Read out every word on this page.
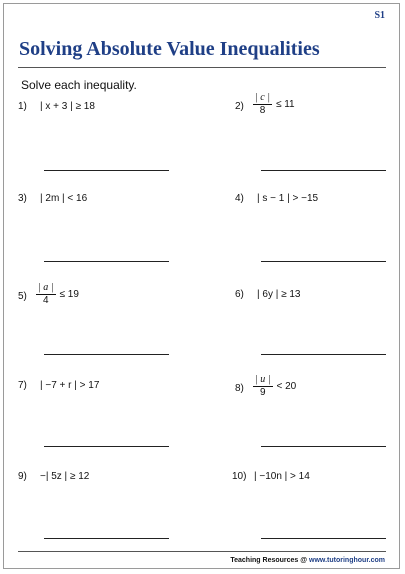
S1
Solving Absolute Value Inequalities
Solve each inequality.
1)	| x + 3 | ≥ 18	$2) \frac{| c |}{8} \le 11$
3)	| 2m | < 16	4)	| s − 1 | > −15
$5) \frac{| a |}{4} \le 19$	6)	| 6y | ≥ 13
7)	| −7 + r | > 17	$8) \frac{| u |}{9} < 20$
9)	−| 5z | ≥ 12	10) | −10n | > 14
Teaching Resources @ www.tutoringhour.com
